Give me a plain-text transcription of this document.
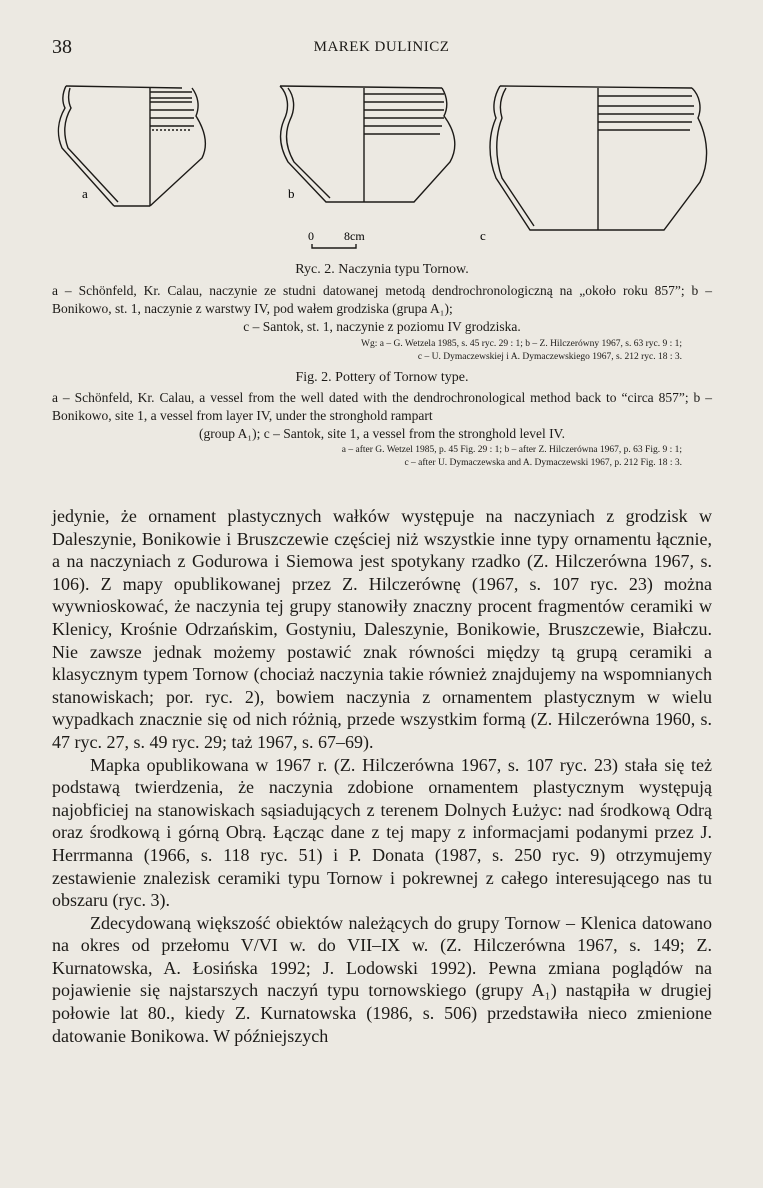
38	MAREK DULINICZ
a	b
c
0	8cm
Ryc. 2. Naczynia typu Tornow.
a – Schönfeld, Kr. Calau, naczynie ze studni datowanej metodą dendrochronologiczną na „około roku 857”; b – Bonikowo, st. 1, naczynie z warstwy IV, pod wałem grodziska (grupa A₁);
c – Santok, st. 1, naczynie z poziomu IV grodziska.
Wg: a – G. Wetzela 1985, s. 45 ryc. 29 : 1; b – Z. Hilczerówny 1967, s. 63 ryc. 9 : 1;
c – U. Dymaczewskiej i A. Dymaczewskiego 1967, s. 212 ryc. 18 : 3.
Fig. 2. Pottery of Tornow type.
a – Schönfeld, Kr. Calau, a vessel from the well dated with the dendrochronological method back to “circa 857”; b – Bonikowo, site 1, a vessel from layer IV, under the stronghold rampart
(group A₁); c – Santok, site 1, a vessel from the stronghold level IV.
a – after G. Wetzel 1985, p. 45 Fig. 29 : 1; b – after Z. Hilczerówna 1967, p. 63 Fig. 9 : 1;
c – after U. Dymaczewska and A. Dymaczewski 1967, p. 212 Fig. 18 : 3.

jedynie, że ornament plastycznych wałków występuje na naczyniach z grodzisk w Daleszynie, Bonikowie i Bruszczewie częściej niż wszystkie inne typy ornamentu łącznie, a na naczyniach z Godurowa i Siemowa jest spotykany rzadko (Z. Hilczerówna 1967, s. 106). Z mapy opublikowanej przez Z. Hilczerównę (1967, s. 107 ryc. 23) można wywnioskować, że naczynia tej grupy stanowiły znaczny procent fragmentów ceramiki w Klenicy, Krośnie Odrzańskim, Gostyniu, Daleszynie, Bonikowie, Bruszczewie, Białczu. Nie zawsze jednak możemy postawić znak równości między tą grupą ceramiki a klasycznym typem Tornow (chociaż naczynia takie również znajdujemy na wspomnianych stanowiskach; por. ryc. 2), bowiem naczynia z ornamentem plastycznym w wielu wypadkach znacznie się od nich różnią, przede wszystkim formą (Z. Hilczerówna 1960, s. 47 ryc. 27, s. 49 ryc. 29; taż 1967, s. 67–69).

Mapka opublikowana w 1967 r. (Z. Hilczerówna 1967, s. 107 ryc. 23) stała się też podstawą twierdzenia, że naczynia zdobione ornamentem plastycznym występują najobficiej na stanowiskach sąsiadujących z terenem Dolnych Łużyc: nad środkową Odrą oraz środkową i górną Obrą. Łącząc dane z tej mapy z informacjami podanymi przez J. Herrmanna (1966, s. 118 ryc. 51) i P. Donata (1987, s. 250 ryc. 9) otrzymujemy zestawienie znalezisk ceramiki typu Tornow i pokrewnej z całego interesującego nas tu obszaru (ryc. 3).

Zdecydowaną większość obiektów należących do grupy Tornow – Klenica datowano na okres od przełomu V/VI w. do VII–IX w. (Z. Hilczerówna 1967, s. 149; Z. Kurnatowska, A. Łosińska 1992; J. Lodowski 1992). Pewna zmiana poglądów na pojawienie się najstarszych naczyń typu tornowskiego (grupy A₁) nastąpiła w drugiej połowie lat 80., kiedy Z. Kurnatowska (1986, s. 506) przedstawiła nieco zmienione datowanie Bonikowa. W późniejszych
